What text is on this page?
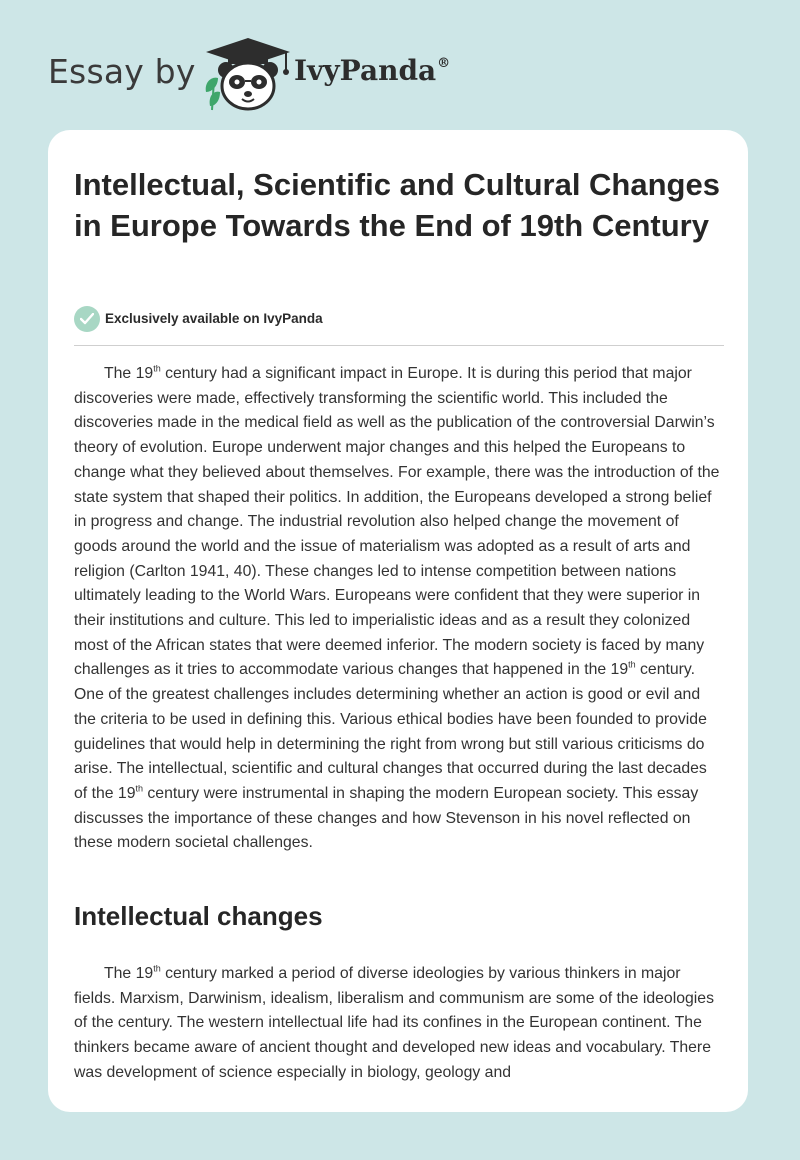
Essay by	IvyPanda®
Intellectual, Scientific and Cultural Changes in Europe Towards the End of 19th Century
Exclusively available on IvyPanda

The 19th century had a significant impact in Europe. It is during this period that major discoveries were made, effectively transforming the scientific world. This included the discoveries made in the medical field as well as the publication of the controversial Darwin’s theory of evolution. Europe underwent major changes and this helped the Europeans to change what they believed about themselves. For example, there was the introduction of the state system that shaped their politics. In addition, the Europeans developed a strong belief in progress and change. The industrial revolution also helped change the movement of goods around the world and the issue of materialism was adopted as a result of arts and religion (Carlton 1941, 40). These changes led to intense competition between nations ultimately leading to the World Wars. Europeans were confident that they were superior in their institutions and culture. This led to imperialistic ideas and as a result they colonized most of the African states that were deemed inferior. The modern society is faced by many challenges as it tries to accommodate various changes that happened in the 19th century. One of the greatest challenges includes determining whether an action is good or evil and the criteria to be used in defining this. Various ethical bodies have been founded to provide guidelines that would help in determining the right from wrong but still various criticisms do arise. The intellectual, scientific and cultural changes that occurred during the last decades of the 19th century were instrumental in shaping the modern European society. This essay discusses the importance of these changes and how Stevenson in his novel reflected on these modern societal challenges.

Intellectual changes

The 19th century marked a period of diverse ideologies by various thinkers in major fields. Marxism, Darwinism, idealism, liberalism and communism are some of the ideologies of the century. The western intellectual life had its confines in the European continent. The thinkers became aware of ancient thought and developed new ideas and vocabulary. There was development of science especially in biology, geology and
